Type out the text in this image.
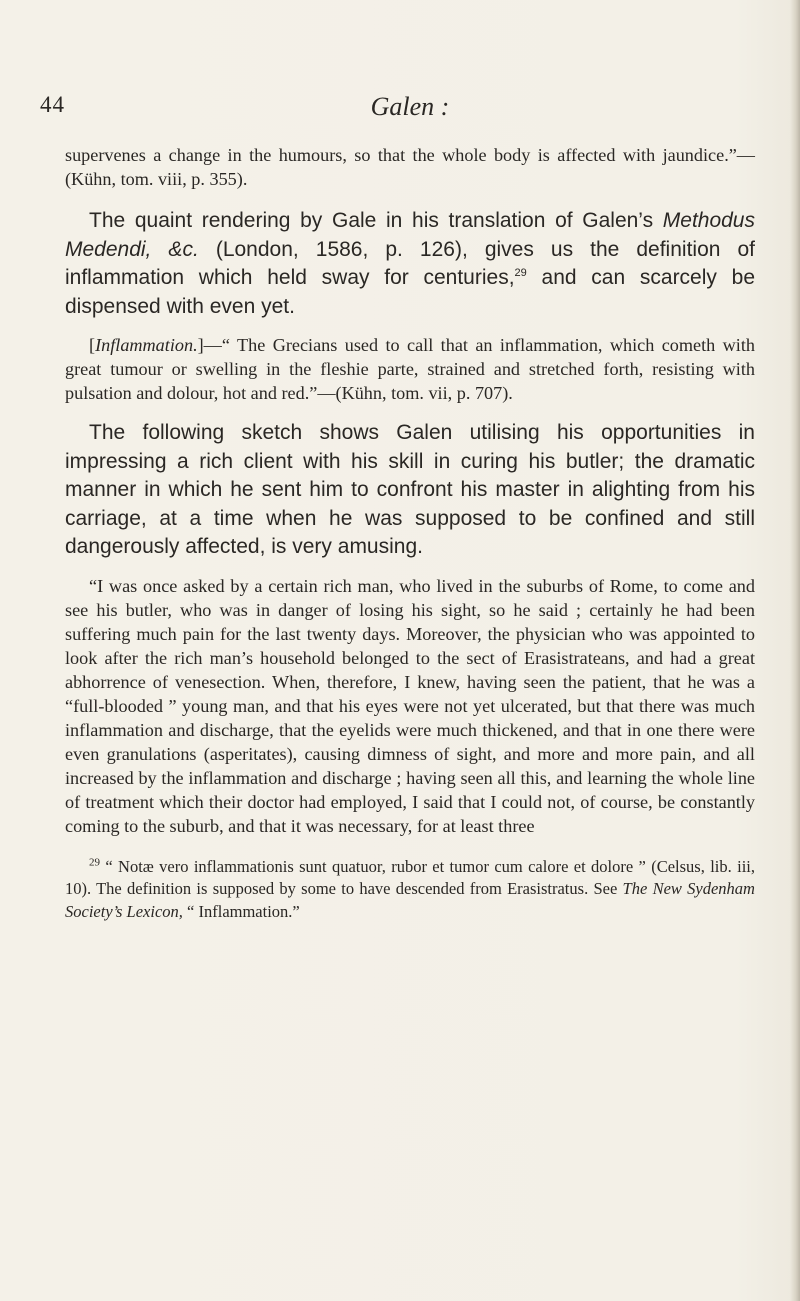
44	Galen :

supervenes a change in the humours, so that the whole body is affected with jaundice.”—(Kühn, tom. viii, p. 355).

The quaint rendering by Gale in his translation of Galen’s Methodus Medendi, &c. (London, 1586, p. 126), gives us the definition of inflammation which held sway for centuries,$^{29}$ and can scarcely be dispensed with even yet.

[Inflammation.]—“ The Grecians used to call that an inflammation, which cometh with great tumour or swelling in the fleshie parte, strained and stretched forth, resisting with pulsation and dolour, hot and red.”—(Kühn, tom. vii, p. 707).

The following sketch shows Galen utilising his opportunities in impressing a rich client with his skill in curing his butler; the dramatic manner in which he sent him to confront his master in alighting from his carriage, at a time when he was supposed to be confined and still dangerously affected, is very amusing.

“I was once asked by a certain rich man, who lived in the suburbs of Rome, to come and see his butler, who was in danger of losing his sight, so he said ; certainly he had been suffering much pain for the last twenty days. Moreover, the physician who was appointed to look after the rich man’s household belonged to the sect of Erasistrateans, and had a great abhorrence of venesection. When, therefore, I knew, having seen the patient, that he was a “full-blooded ” young man, and that his eyes were not yet ulcerated, but that there was much inflammation and discharge, that the eyelids were much thickened, and that in one there were even granulations (asperitates), causing dimness of sight, and more and more pain, and all increased by the inflammation and discharge ; having seen all this, and learning the whole line of treatment which their doctor had employed, I said that I could not, of course, be constantly coming to the suburb, and that it was necessary, for at least three

$^{29}$ “ Notæ vero inflammationis sunt quatuor, rubor et tumor cum calore et dolore ” (Celsus, lib. iii, 10). The definition is supposed by some to have descended from Erasistratus. See The New Sydenham Society’s Lexicon, “ Inflammation.”
